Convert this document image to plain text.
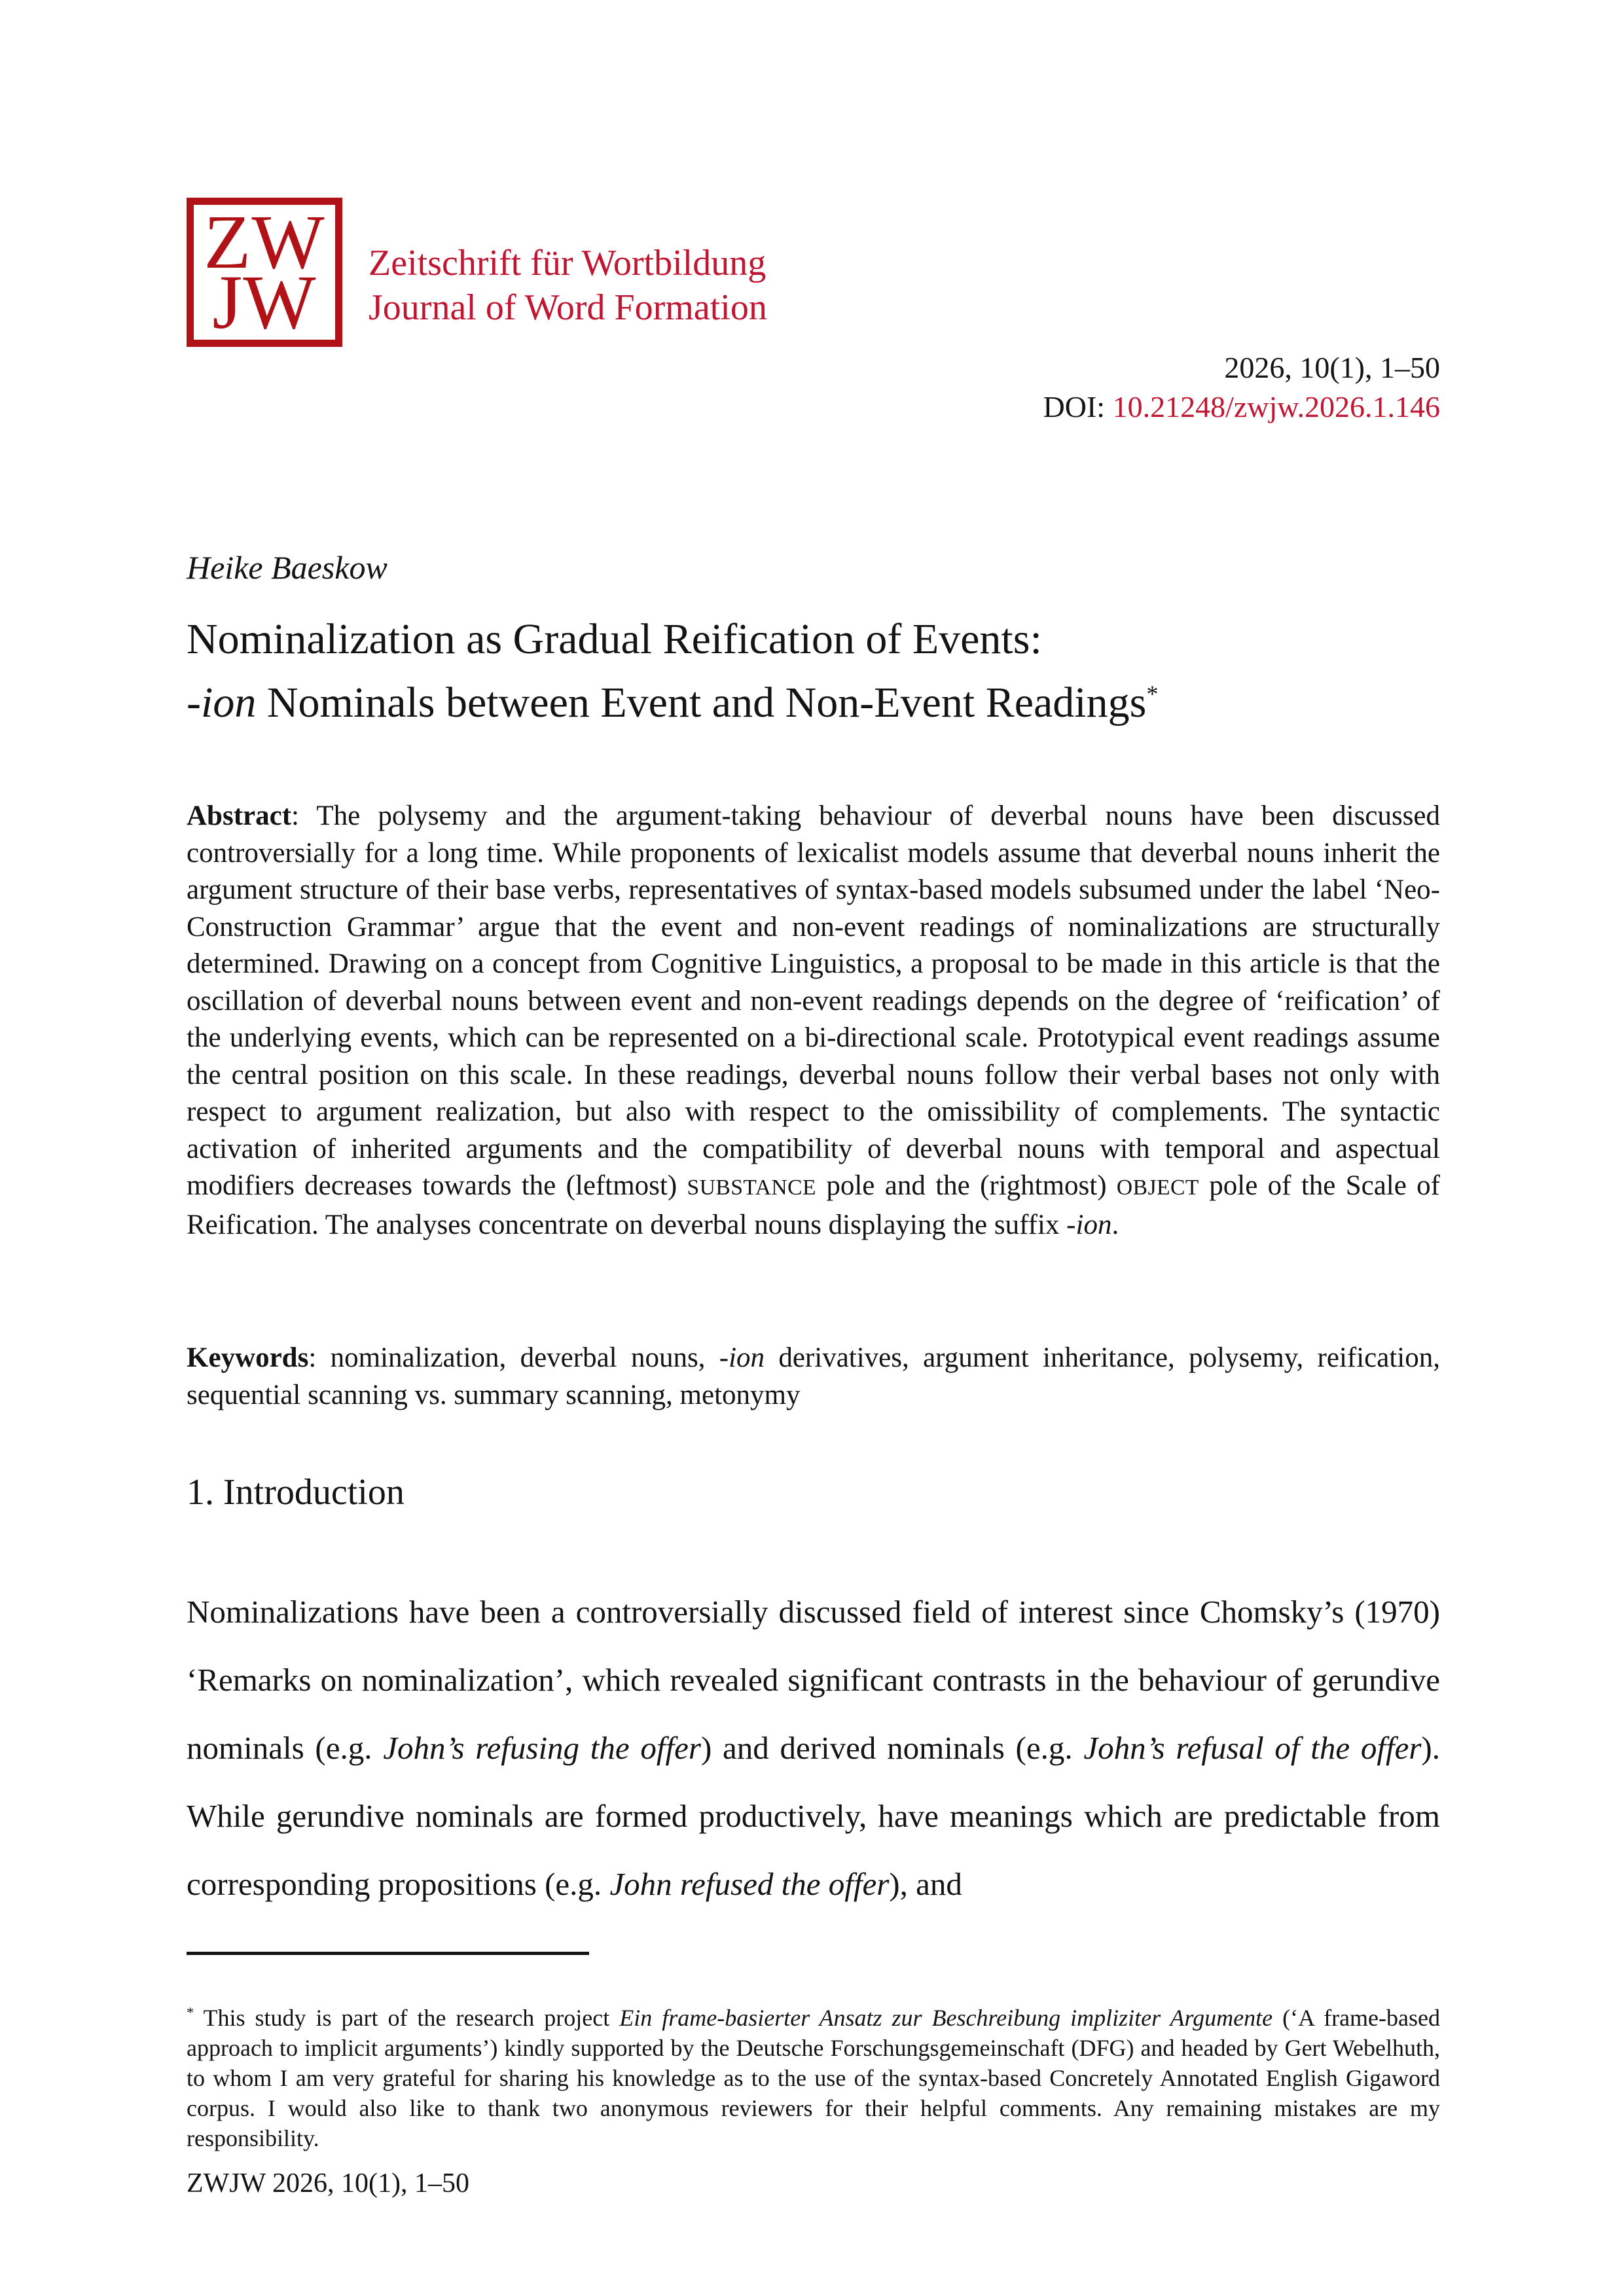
ZW
JW Zeitschrift für Wortbildung
Journal of Word Formation
2026, 10(1), 1–50
DOI: 10.21248/zwjw.2026.1.146
Heike Baeskow
Nominalization as Gradual Reification of Events:
-ion Nominals between Event and Non-Event Readings*

Abstract: The polysemy and the argument-taking behaviour of deverbal nouns have been discussed controversially for a long time. While proponents of lexicalist models assume that deverbal nouns inherit the argument structure of their base verbs, representatives of syntax-based models subsumed under the label ‘Neo-Construction Grammar’ argue that the event and non-event readings of nominalizations are structurally determined. Drawing on a concept from Cognitive Linguistics, a proposal to be made in this article is that the oscillation of deverbal nouns between event and non-event readings depends on the degree of ‘reification’ of the underlying events, which can be represented on a bi-directional scale. Prototypical event readings assume the central position on this scale. In these readings, deverbal nouns follow their verbal bases not only with respect to argument realization, but also with respect to the omissibility of complements. The syntactic activation of inherited arguments and the compatibility of deverbal nouns with temporal and aspectual modifiers decreases towards the (leftmost) SUBSTANCE pole and the (rightmost) OBJECT pole of the Scale of Reification. The analyses concentrate on deverbal nouns displaying the suffix -ion.

Keywords: nominalization, deverbal nouns, -ion derivatives, argument inheritance, polysemy, reification, sequential scanning vs. summary scanning, metonymy

1. Introduction

Nominalizations have been a controversially discussed field of interest since Chomsky’s (1970) ‘Remarks on nominalization’, which revealed significant contrasts in the behaviour of gerundive nominals (e.g. John’s refusing the offer) and derived nominals (e.g. John’s refusal of the offer). While gerundive nominals are formed productively, have meanings which are predictable from corresponding propositions (e.g. John refused the offer), and

* This study is part of the research project Ein frame-basierter Ansatz zur Beschreibung impliziter Argumente (‘A frame-based approach to implicit arguments’) kindly supported by the Deutsche Forschungsgemeinschaft (DFG) and headed by Gert Webelhuth, to whom I am very grateful for sharing his knowledge as to the use of the syntax-based Concretely Annotated English Gigaword corpus. I would also like to thank two anonymous reviewers for their helpful comments. Any remaining mistakes are my responsibility.

ZWJW 2026, 10(1), 1–50
